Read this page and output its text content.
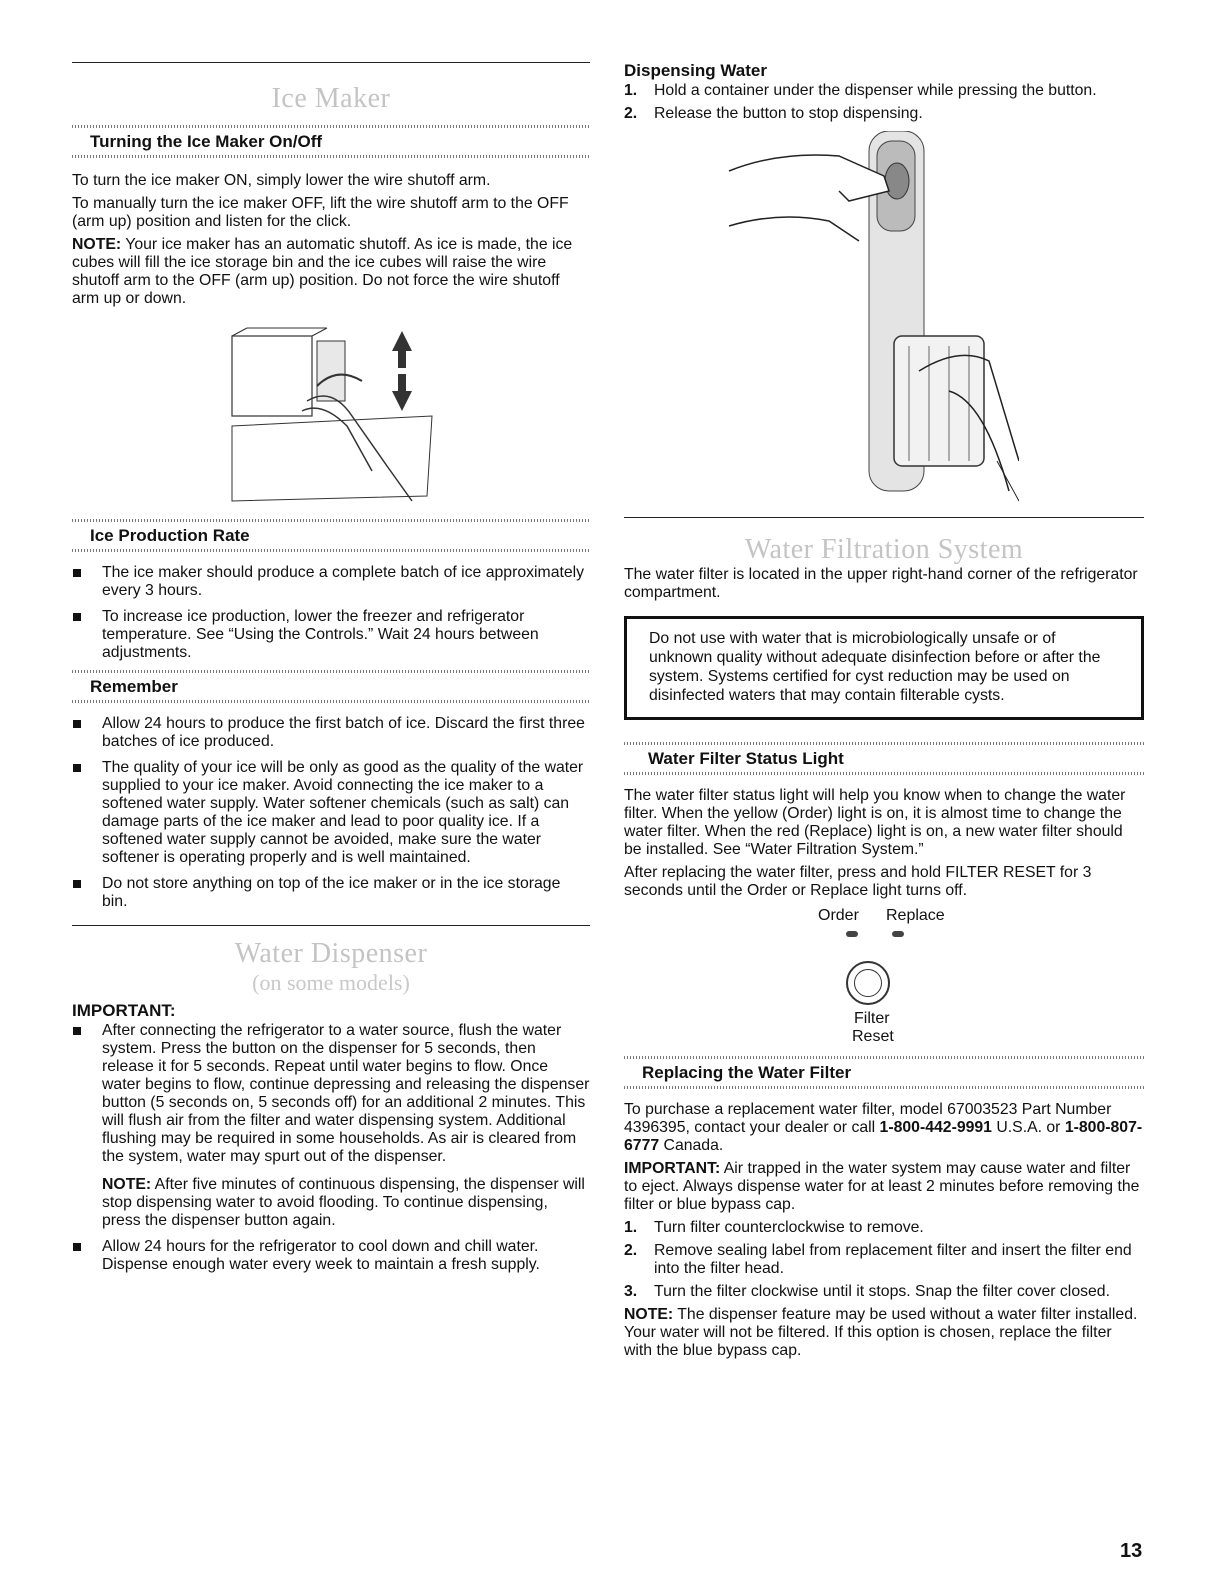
Ice Maker
Turning the Ice Maker On/Off

To turn the ice maker ON, simply lower the wire shutoff arm.

To manually turn the ice maker OFF, lift the wire shutoff arm to the OFF (arm up) position and listen for the click.

NOTE: Your ice maker has an automatic shutoff. As ice is made, the ice cubes will fill the ice storage bin and the ice cubes will raise the wire shutoff arm to the OFF (arm up) position. Do not force the wire shutoff arm up or down.

Ice Production Rate
The ice maker should produce a complete batch of ice approximately every 3 hours.
To increase ice production, lower the freezer and refrigerator temperature. See “Using the Controls.” Wait 24 hours between adjustments.
Remember
Allow 24 hours to produce the first batch of ice. Discard the first three batches of ice produced.
The quality of your ice will be only as good as the quality of the water supplied to your ice maker. Avoid connecting the ice maker to a softened water supply. Water softener chemicals (such as salt) can damage parts of the ice maker and lead to poor quality ice. If a softened water supply cannot be avoided, make sure the water softener is operating properly and is well maintained.
Do not store anything on top of the ice maker or in the ice storage bin.
Water Dispenser
(on some models)

IMPORTANT:

After connecting the refrigerator to a water source, flush the water system. Press the button on the dispenser for 5 seconds, then release it for 5 seconds. Repeat until water begins to flow. Once water begins to flow, continue depressing and releasing the dispenser button (5 seconds on, 5 seconds off) for an additional 2 minutes. This will flush air from the filter and water dispensing system. Additional flushing may be required in some households. As air is cleared from the system, water may spurt out of the dispenser.

NOTE: After five minutes of continuous dispensing, the dispenser will stop dispensing water to avoid flooding. To continue dispensing, press the dispenser button again.

Allow 24 hours for the refrigerator to cool down and chill water. Dispense enough water every week to maintain a fresh supply.

Dispensing Water

1. Hold a container under the dispenser while pressing the button.
2. Release the button to stop dispensing.
Water Filtration System

The water filter is located in the upper right-hand corner of the refrigerator compartment.

Do not use with water that is microbiologically unsafe or of unknown quality without adequate disinfection before or after the system. Systems certified for cyst reduction may be used on disinfected waters that may contain filterable cysts.

Water Filter Status Light

The water filter status light will help you know when to change the water filter. When the yellow (Order) light is on, it is almost time to change the water filter. When the red (Replace) light is on, a new water filter should be installed. See “Water Filtration System.”

After replacing the water filter, press and hold FILTER RESET for 3 seconds until the Order or Replace light turns off.

Order Replace
Filter
Reset
Replacing the Water Filter

To purchase a replacement water filter, model 67003523 Part Number 4396395, contact your dealer or call 1-800-442-9991 U.S.A. or 1-800-807-6777 Canada.

IMPORTANT: Air trapped in the water system may cause water and filter to eject. Always dispense water for at least 2 minutes before removing the filter or blue bypass cap.

1. Turn filter counterclockwise to remove.
2. Remove sealing label from replacement filter and insert the filter end into the filter head.
3. Turn the filter clockwise until it stops. Snap the filter cover closed.

NOTE: The dispenser feature may be used without a water filter installed. Your water will not be filtered. If this option is chosen, replace the filter with the blue bypass cap.

13
